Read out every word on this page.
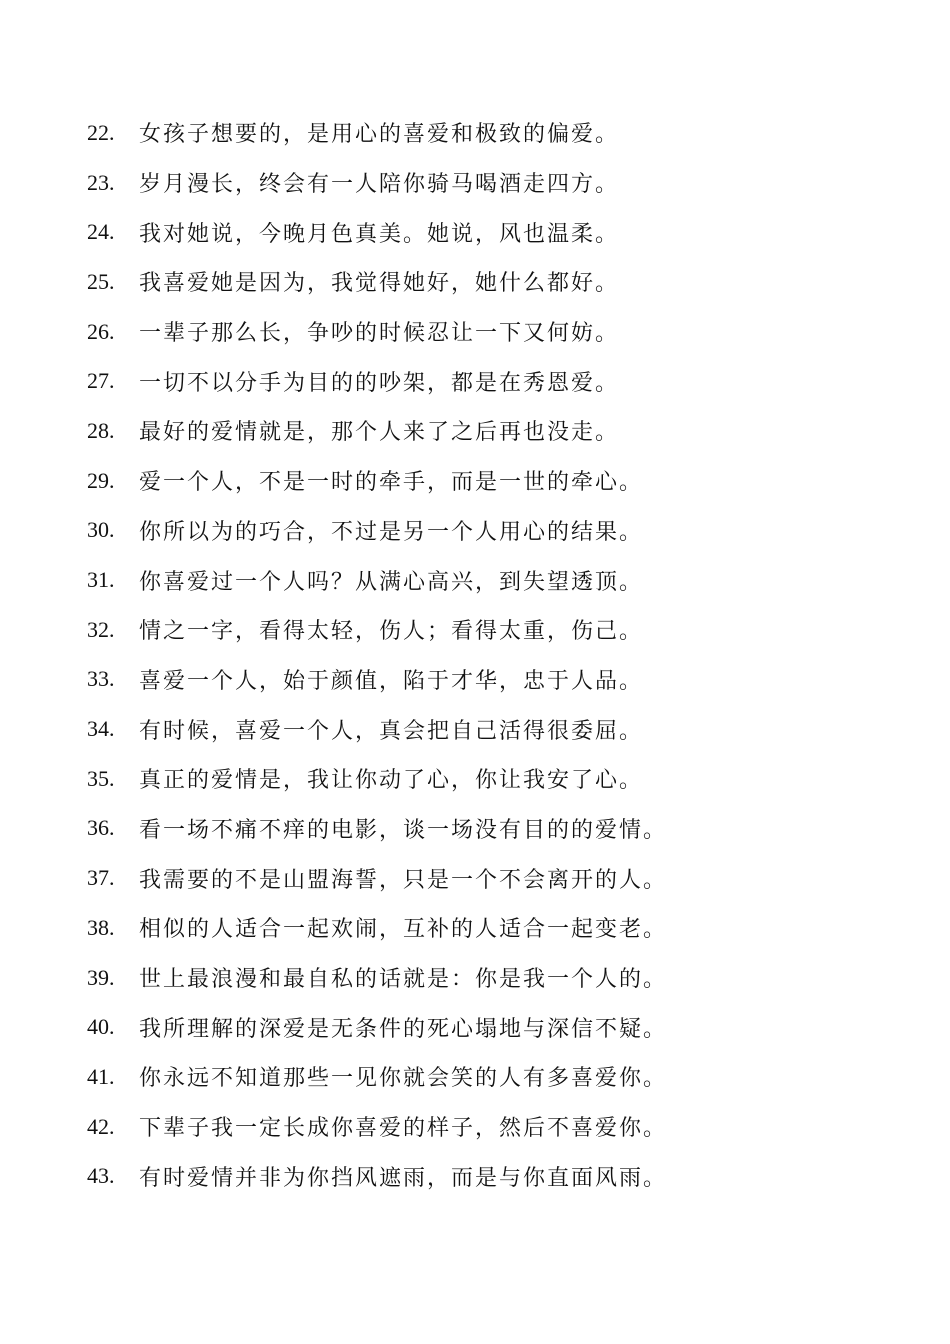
22.	女孩子想要的，是用心的喜爱和极致的偏爱。
23.	岁月漫长，终会有一人陪你骑马喝酒走四方。
24.	我对她说，今晚月色真美。她说，风也温柔。
25.	我喜爱她是因为，我觉得她好，她什么都好。
26.	一辈子那么长，争吵的时候忍让一下又何妨。
27.	一切不以分手为目的的吵架，都是在秀恩爱。
28.	最好的爱情就是，那个人来了之后再也没走。
29.	爱一个人，不是一时的牵手，而是一世的牵心。
30.	你所以为的巧合，不过是另一个人用心的结果。
31.	你喜爱过一个人吗？从满心高兴，到失望透顶。
32.	情之一字，看得太轻，伤人；看得太重，伤己。
33.	喜爱一个人，始于颜值，陷于才华，忠于人品。
34.	有时候，喜爱一个人，真会把自己活得很委屈。
35.	真正的爱情是，我让你动了心，你让我安了心。
36.	看一场不痛不痒的电影，谈一场没有目的的爱情。
37.	我需要的不是山盟海誓，只是一个不会离开的人。
38.	相似的人适合一起欢闹，互补的人适合一起变老。
39.	世上最浪漫和最自私的话就是：你是我一个人的。
40.	我所理解的深爱是无条件的死心塌地与深信不疑。
41.	你永远不知道那些一见你就会笑的人有多喜爱你。
42.	下辈子我一定长成你喜爱的样子，然后不喜爱你。
43.	有时爱情并非为你挡风遮雨，而是与你直面风雨。
